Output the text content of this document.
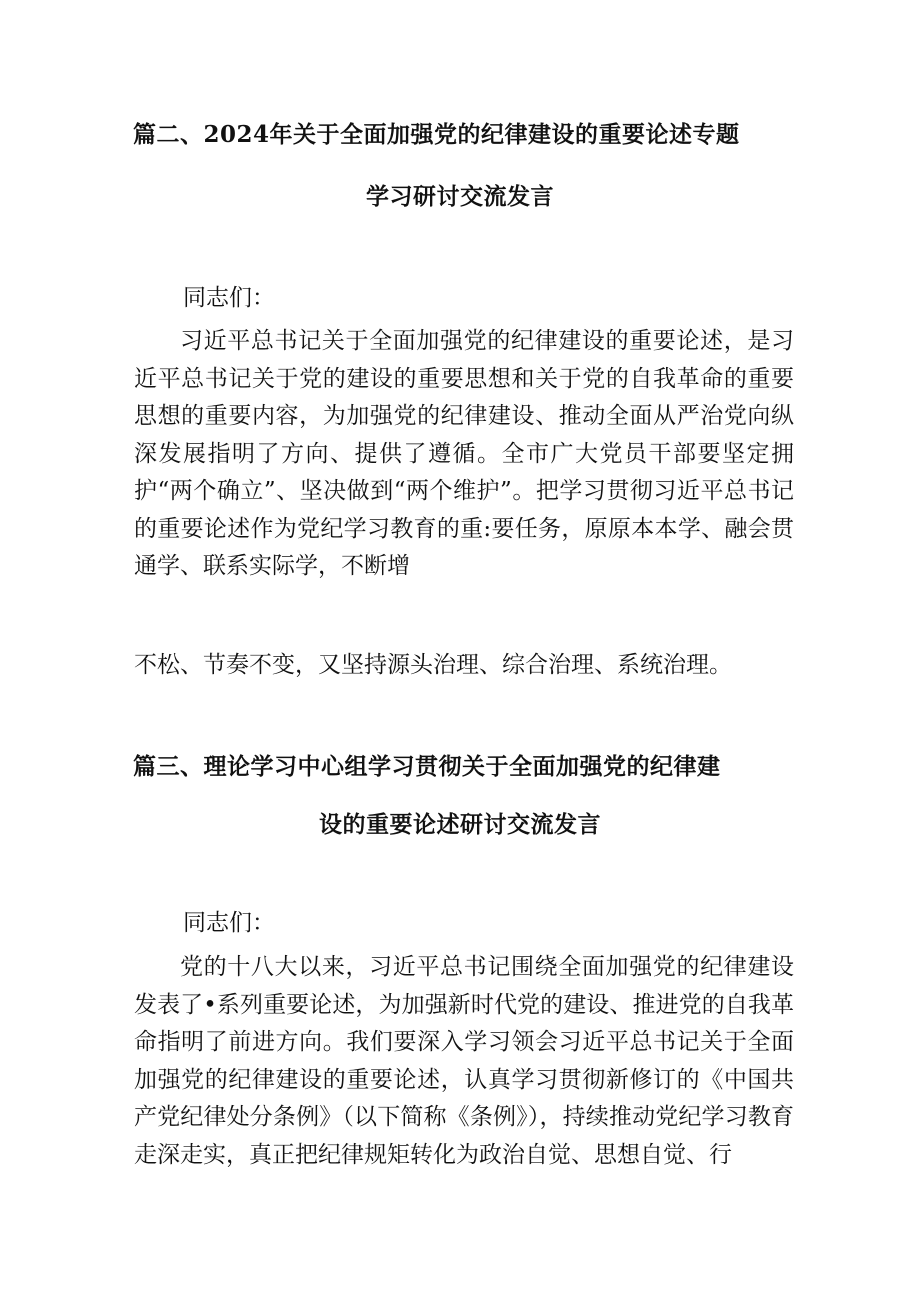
篇二、2024年关于全面加强党的纪律建设的重要论述专题
学习研讨交流发言
同志们：

习近平总书记关于全面加强党的纪律建设的重要论述，是习近平总书记关于党的建设的重要思想和关于党的自我革命的重要思想的重要内容，为加强党的纪律建设、推动全面从严治党向纵深发展指明了方向、提供了遵循。全市广大党员干部要坚定拥护“两个确立”、坚决做到“两个维护”。把学习贯彻习近平总书记的重要论述作为党纪学习教育的重:要任务，原原本本学、融会贯通学、联系实际学，不断增

不松、节奏不变，又坚持源头治理、综合治理、系统治理。
篇三、理论学习中心组学习贯彻关于全面加强党的纪律建
设的重要论述研讨交流发言
同志们：

党的十八大以来，习近平总书记围绕全面加强党的纪律建设发表了•系列重要论述，为加强新时代党的建设、推进党的自我革命指明了前进方向。我们要深入学习领会习近平总书记关于全面加强党的纪律建设的重要论述，认真学习贯彻新修订的《中国共产党纪律处分条例》（以下简称《条例》），持续推动党纪学习教育走深走实，真正把纪律规矩转化为政治自觉、思想自觉、行
